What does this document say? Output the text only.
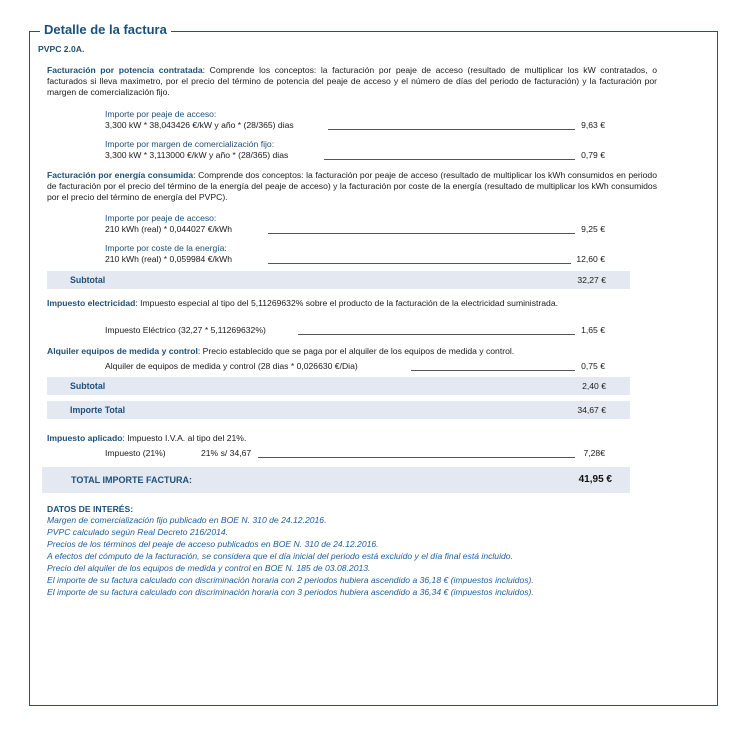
Detalle de la factura
PVPC 2.0A.
Facturación por potencia contratada: Comprende los conceptos: la facturación por peaje de acceso (resultado de multiplicar los kW contratados, o facturados si lleva maximetro, por el precio del término de potencia del peaje de acceso y el número de días del periodo de facturación) y la facturación por margen de comercialización fijo.
Importe por peaje de acceso:
3,300 kW * 38,043426 €/kW y año * (28/365) dias	9,63 €
Importe por margen de comercialización fijo:
3,300 kW * 3,113000 €/kW y año * (28/365) dias	0,79 €
Facturación por energía consumida: Comprende dos conceptos: la facturación por peaje de acceso (resultado de multiplicar los kWh consumidos en periodo de facturación por el precio del término de la energía del peaje de acceso) y la facturación por coste de la energía (resultado de multiplicar los kWh consumidos por el precio del término de energía del PVPC).
Importe por peaje de acceso:
210 kWh (real) * 0,044027 €/kWh	9,25 €
Importe por coste de la energía:
210 kWh (real) * 0,059984 €/kWh	12,60 €
Subtotal	32,27 €
Impuesto electricidad: Impuesto especial al tipo del 5,11269632% sobre el producto de la facturación de la electricidad suministrada.
Impuesto Eléctrico (32,27 * 5,11269632%)	1,65 €
Alquiler equipos de medida y control: Precio establecido que se paga por el alquiler de los equipos de medida y control.
Alquiler de equipos de medida y control (28 dias * 0,026630 €/Dia)	0,75 €
Subtotal	2,40 €
Importe Total	34,67 €
Impuesto aplicado: Impuesto I.V.A. al tipo del 21%.
Impuesto (21%)	21% s/ 34,67	7,28€
TOTAL IMPORTE FACTURA:	41,95 €
DATOS DE INTERÉS:
Margen de comercialización fijo publicado en BOE N. 310 de 24.12.2016.
PVPC calculado según Real Decreto 216/2014.
Precios de los términos del peaje de acceso publicados en BOE N. 310 de 24.12.2016.
A efectos del cómputo de la facturación, se considera que el día inicial del periodo está excluido y el día final está incluido.
Precio del alquiler de los equipos de medida y control en BOE N. 185 de 03.08.2013.
El importe de su factura calculado con discriminación horaria con 2 periodos hubiera ascendido a 36,18 € (impuestos incluidos).
El importe de su factura calculado con discriminación horaria con 3 periodos hubiera ascendido a 36,34 € (impuestos incluidos).
